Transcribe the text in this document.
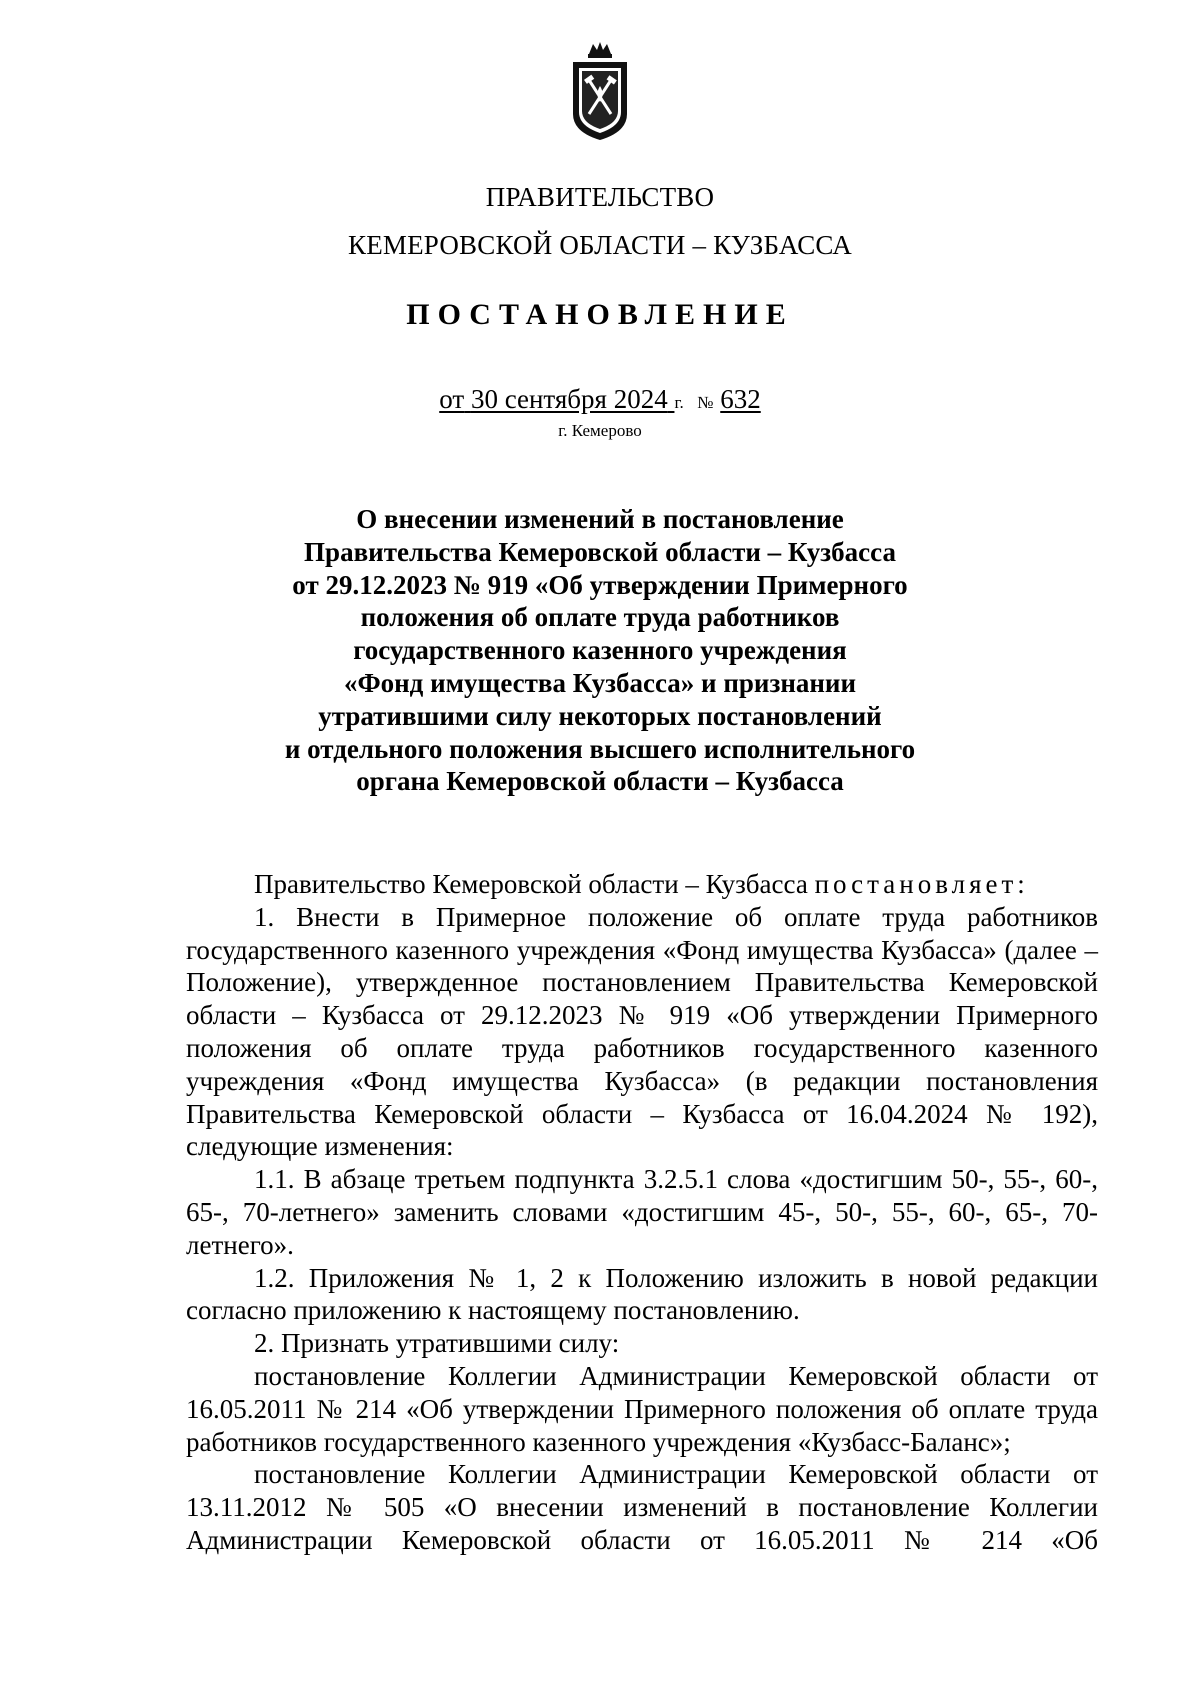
ПРАВИТЕЛЬСТВО
КЕМЕРОВСКОЙ ОБЛАСТИ – КУЗБАССА
ПОСТАНОВЛЕНИЕ
от 30 сентября 2024 г. № 632
г. Кемерово
О внесении изменений в постановление
Правительства Кемеровской области – Кузбасса
от 29.12.2023 № 919 «Об утверждении Примерного
положения об оплате труда работников
государственного казенного учреждения
«Фонд имущества Кузбасса» и признании
утратившими силу некоторых постановлений
и отдельного положения высшего исполнительного
органа Кемеровской области – Кузбасса

Правительство Кемеровской области – Кузбасса постановляет:

1. Внести в Примерное положение об оплате труда работников государственного казенного учреждения «Фонд имущества Кузбасса» (далее – Положение), утвержденное постановлением Правительства Кемеровской области – Кузбасса от 29.12.2023 № 919 «Об утверждении Примерного положения об оплате труда работников государственного казенного учреждения «Фонд имущества Кузбасса» (в редакции постановления Правительства Кемеровской области – Кузбасса от 16.04.2024 № 192), следующие изменения:

1.1. В абзаце третьем подпункта 3.2.5.1 слова «достигшим 50-, 55-, 60-, 65-, 70-летнего» заменить словами «достигшим 45-, 50-, 55-, 60-, 65-, 70-летнего».

1.2. Приложения № 1, 2 к Положению изложить в новой редакции согласно приложению к настоящему постановлению.

2. Признать утратившими силу:

постановление Коллегии Администрации Кемеровской области от 16.05.2011 № 214 «Об утверждении Примерного положения об оплате труда работников государственного казенного учреждения «Кузбасс-Баланс»;

постановление Коллегии Администрации Кемеровской области от 13.11.2012 № 505 «О внесении изменений в постановление Коллегии Администрации Кемеровской области от 16.05.2011 № 214 «Об
